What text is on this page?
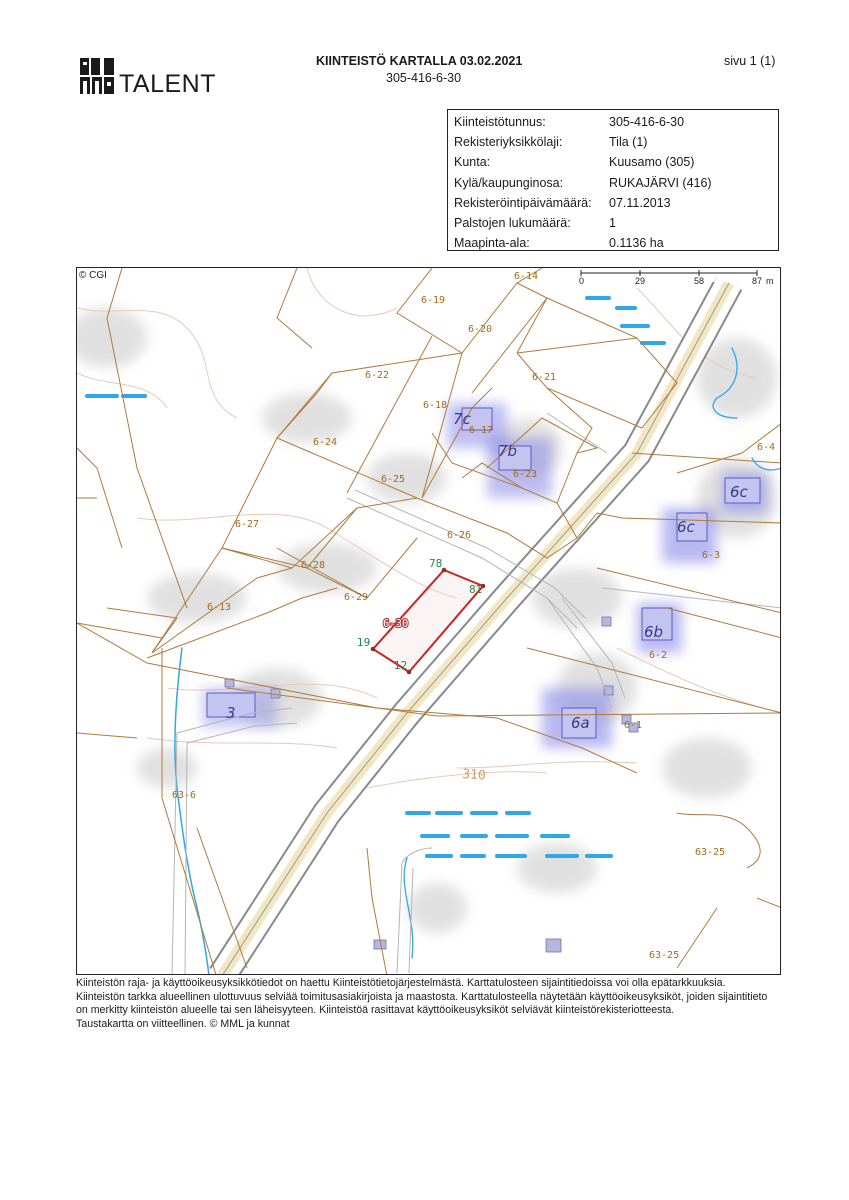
TALENT
KIINTEISTÖ KARTALLA 03.02.2021
305-416-6-30
sivu 1 (1)
Kiinteistötunnus:	305-416-6-30
Rekisteriyksikkölaji:	Tila (1)
Kunta:	Kuusamo (305)
Kylä/kaupunginosa:	RUKAJÄRVI (416)
Rekisteröintipäivämäärä:	07.11.2013
Palstojen lukumäärä:	1
Maapinta-ala:	0.1136 ha
6-14
6-19
6-20
6-21
6-22
6-18
6-17
6-24
6-23
6-25
6-26
6-27
6-28
6-29
6-13
6-30
6-4
6-3
6-2
6-1
63-6
63-25
63-25
7c
7b
6c
6c
6b
6a
3
310
78
81
19
12
© CGI	0	29	58	87 m

Kiinteistön raja- ja käyttöoikeusyksikkötiedot on haettu Kiinteistötietojärjestelmästä. Karttatulosteen sijaintitiedoissa voi olla epätarkkuuksia.

Kiinteistön tarkka alueellinen ulottuvuus selviää toimitusasiakirjoista ja maastosta. Karttatulosteella näytetään käyttöoikeusyksiköt, joiden sijaintitieto on merkitty kiinteistön alueelle tai sen läheisyyteen. Kiinteistöä rasittavat käyttöoikeusyksiköt selviävät kiinteistörekisteriotteesta.

Taustakartta on viitteellinen. © MML ja kunnat
